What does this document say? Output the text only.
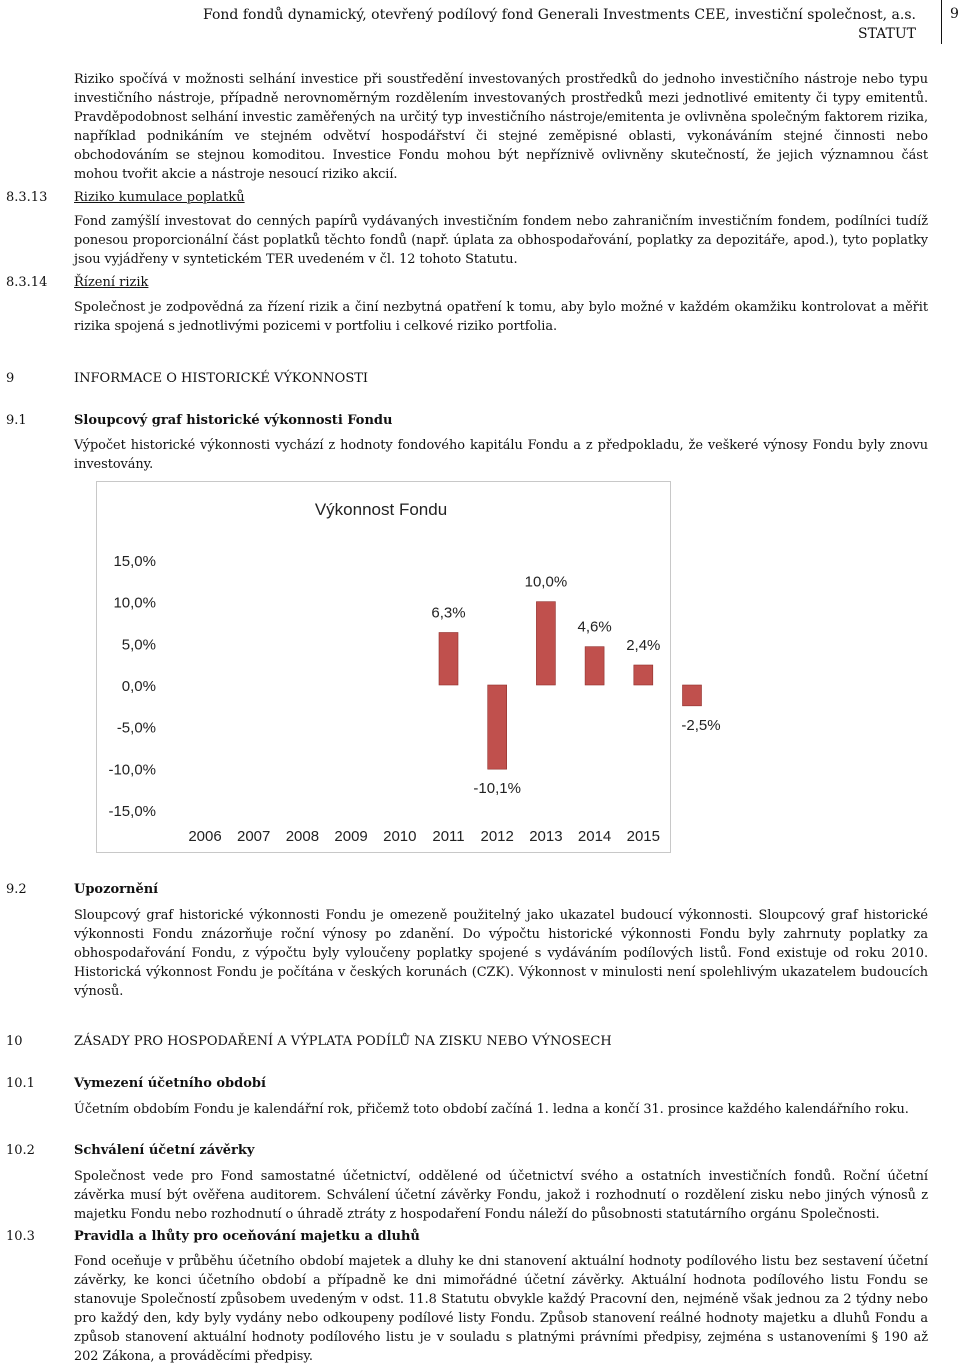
Fond fondů dynamický, otevřený podílový fond Generali Investments CEE, investiční společnost, a.s.
STATUT
9

Riziko spočívá v možnosti selhání investice při soustředění investovaných prostředků do jednoho investičního nástroje nebo typu investičního nástroje, případně nerovnoměrným rozdělením investovaných prostředků mezi jednotlivé emitenty či typy emitentů. Pravděpodobnost selhání investic zaměřených na určitý typ investičního nástroje/emitenta je ovlivněna společným faktorem rizika, například podnikáním ve stejném odvětví hospodářství či stejné zeměpisné oblasti, vykonáváním stejné činnosti nebo obchodováním se stejnou komoditou. Investice Fondu mohou být nepříznivě ovlivněny skutečností, že jejich významnou část mohou tvořit akcie a nástroje nesoucí riziko akcií.

8.3.13 Riziko kumulace poplatků

Fond zamýšlí investovat do cenných papírů vydávaných investičním fondem nebo zahraničním investičním fondem, podílníci tudíž ponesou proporcionální část poplatků těchto fondů (např. úplata za obhospodařování, poplatky za depozitáře, apod.), tyto poplatky jsou vyjádřeny v syntetickém TER uvedeném v čl. 12 tohoto Statutu.

8.3.14 Řízení rizik

Společnost je zodpovědná za řízení rizik a činí nezbytná opatření k tomu, aby bylo možné v každém okamžiku kontrolovat a měřit rizika spojená s jednotlivými pozicemi v portfoliu i celkové riziko portfolia.

9	INFORMACE O HISTORICKÉ VÝKONNOSTI
9.1	Sloupcový graf historické výkonnosti Fondu

Výpočet historické výkonnosti vychází z hodnoty fondového kapitálu Fondu a z předpokladu, že veškeré výnosy Fondu byly znovu investovány.

Výkonnost Fondu
15,0%
10,0%
5,0%
0,0%
-5,0%
-10,0%
-15,0%
6,3%
-10,1%
10,0%
4,6%
2,4%
-2,5%
2006 2007 2008 2009 2010 2011 2012 2013 2014 2015
9.2	Upozornění

Sloupcový graf historické výkonnosti Fondu je omezeně použitelný jako ukazatel budoucí výkonnosti. Sloupcový graf historické výkonnosti Fondu znázorňuje roční výnosy po zdanění. Do výpočtu historické výkonnosti Fondu byly zahrnuty poplatky za obhospodařování Fondu, z výpočtu byly vyloučeny poplatky spojené s vydáváním podílových listů. Fond existuje od roku 2010. Historická výkonnost Fondu je počítána v českých korunách (CZK). Výkonnost v minulosti není spolehlivým ukazatelem budoucích výnosů.

10	ZÁSADY PRO HOSPODAŘENÍ A VÝPLATA PODÍLŮ NA ZISKU NEBO VÝNOSECH
10.1	Vymezení účetního období

Účetním obdobím Fondu je kalendářní rok, přičemž toto období začíná 1. ledna a končí 31. prosince každého kalendářního roku.

10.2	Schválení účetní závěrky

Společnost vede pro Fond samostatné účetnictví, oddělené od účetnictví svého a ostatních investičních fondů. Roční účetní závěrka musí být ověřena auditorem. Schválení účetní závěrky Fondu, jakož i rozhodnutí o rozdělení zisku nebo jiných výnosů z majetku Fondu nebo rozhodnutí o úhradě ztráty z hospodaření Fondu náleží do působnosti statutárního orgánu Společnosti.

10.3	Pravidla a lhůty pro oceňování majetku a dluhů

Fond oceňuje v průběhu účetního období majetek a dluhy ke dni stanovení aktuální hodnoty podílového listu bez sestavení účetní závěrky, ke konci účetního období a případně ke dni mimořádné účetní závěrky. Aktuální hodnota podílového listu Fondu se stanovuje Společností způsobem uvedeným v odst. 11.8 Statutu obvykle každý Pracovní den, nejméně však jednou za 2 týdny nebo pro každý den, kdy byly vydány nebo odkoupeny podílové listy Fondu. Způsob stanovení reálné hodnoty majetku a dluhů Fondu a způsob stanovení aktuální hodnoty podílového listu je v souladu s platnými právními předpisy, zejména s ustanoveními § 190 až 202 Zákona, a prováděcími předpisy.
